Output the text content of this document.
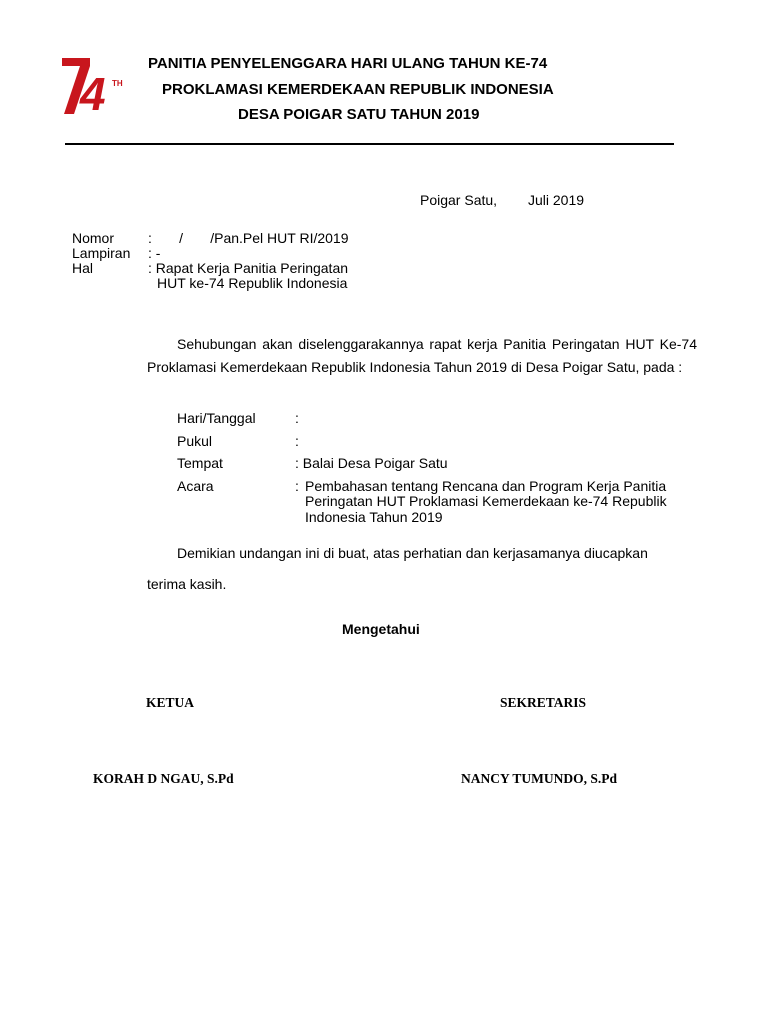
4 TH
PANITIA PENYELENGGARA HARI ULANG TAHUN KE-74
PROKLAMASI KEMERDEKAAN REPUBLIK INDONESIA
DESA POIGAR SATU TAHUN 2019
Poigar Satu, Juli 2019
Nomor :       /       /Pan.Pel HUT RI/2019
Lampiran : -
Hal	: Rapat Kerja Panitia Peringatan
HUT ke-74 Republik Indonesia
Sehubungan akan diselenggarakannya rapat kerja Panitia Peringatan HUT Ke-74 Proklamasi Kemerdekaan Republik Indonesia Tahun 2019 di Desa Poigar Satu, pada :
Hari/Tanggal	:
Pukul	:
Tempat	: Balai Desa Poigar Satu
Acara	: Pembahasan tentang Rencana dan Program Kerja Panitia
Peringatan HUT Proklamasi Kemerdekaan ke-74 Republik
Indonesia Tahun 2019
Demikian undangan ini di buat, atas perhatian dan kerjasamanya diucapkan
terima kasih.
Mengetahui
KETUA	SEKRETARIS
KORAH D NGAU, S.Pd	NANCY TUMUNDO, S.Pd
